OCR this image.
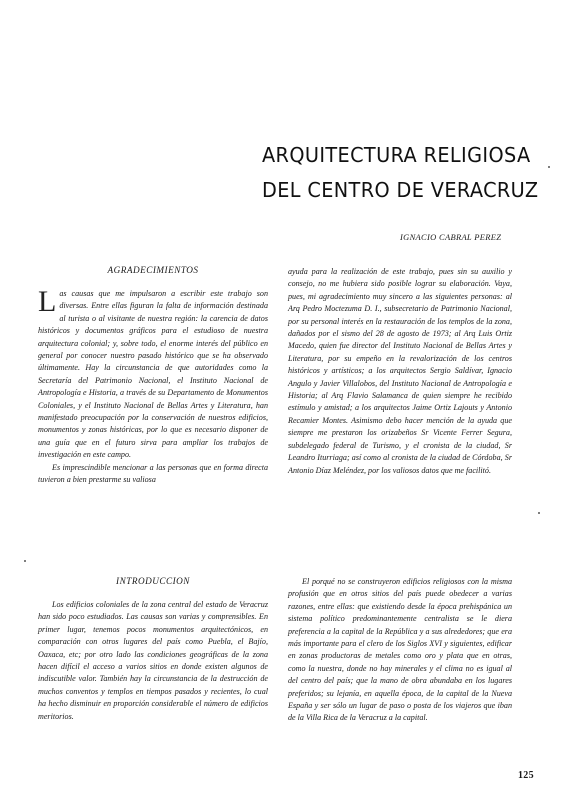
ARQUITECTURA RELIGIOSA
DEL CENTRO DE VERACRUZ
IGNACIO CABRAL PEREZ
AGRADECIMIENTOS

Las causas que me impulsaron a escribir este trabajo son diversas. Entre ellas figuran la falta de información destinada al turista o al visitante de nuestra región: la carencia de datos históricos y documentos gráficos para el estudioso de nuestra arquitectura colonial; y, sobre todo, el enorme interés del público en general por conocer nuestro pasado histórico que se ha observado últimamente. Hay la circunstancia de que autoridades como la Secretaría del Patrimonio Nacional, el Instituto Nacional de Antropología e Historia, a través de su Departamento de Monumentos Coloniales, y el Instituto Nacional de Bellas Artes y Literatura, han manifestado preocupación por la conservación de nuestros edificios, monumentos y zonas históricas, por lo que es necesario disponer de una guía que en el futuro sirva para ampliar los trabajos de investigación en este campo.

Es imprescindible mencionar a las personas que en forma directa tuvieron a bien prestarme su valiosa

ayuda para la realización de este trabajo, pues sin su auxilio y consejo, no me hubiera sido posible lograr su elaboración. Vaya, pues, mi agradecimiento muy sincero a las siguientes personas: al Arq Pedro Moctezuma D. I., subsecretario de Patrimonio Nacional, por su personal interés en la restauración de los templos de la zona, dañados por el sismo del 28 de agosto de 1973; al Arq Luis Ortiz Macedo, quien fue director del Instituto Nacional de Bellas Artes y Literatura, por su empeño en la revalorización de los centros históricos y artísticos; a los arquitectos Sergio Saldívar, Ignacio Angulo y Javier Villalobos, del Instituto Nacional de Antropología e Historia; al Arq Flavio Salamanca de quien siempre he recibido estímulo y amistad; a los arquitectos Jaime Ortiz Lajouts y Antonio Recamier Montes. Asimismo debo hacer mención de la ayuda que siempre me prestaron los orizabeños Sr Vicente Ferrer Segura, subdelegado federal de Turismo, y el cronista de la ciudad, Sr Leandro Iturriaga; así como al cronista de la ciudad de Córdoba, Sr Antonio Díaz Meléndez, por los valiosos datos que me facilitó.

INTRODUCCION

Los edificios coloniales de la zona central del estado de Veracruz han sido poco estudiados. Las causas son varias y comprensibles. En primer lugar, tenemos pocos monumentos arquitectónicos, en comparación con otros lugares del país como Puebla, el Bajío, Oaxaca, etc; por otro lado las condiciones geográficas de la zona hacen difícil el acceso a varios sitios en donde existen algunos de indiscutible valor. También hay la circunstancia de la destrucción de muchos conventos y templos en tiempos pasados y recientes, lo cual ha hecho disminuir en proporción considerable el número de edificios meritorios.

El porqué no se construyeron edificios religiosos con la misma profusión que en otros sitios del país puede obedecer a varias razones, entre ellas: que existiendo desde la época prehispánica un sistema político predominantemente centralista se le diera preferencia a la capital de la República y a sus alrededores; que era más importante para el clero de los Siglos XVI y siguientes, edificar en zonas productoras de metales como oro y plata que en otras, como la nuestra, donde no hay minerales y el clima no es igual al del centro del país; que la mano de obra abundaba en los lugares preferidos; su lejanía, en aquella época, de la capital de la Nueva España y ser sólo un lugar de paso o posta de los viajeros que iban de la Villa Rica de la Veracruz a la capital.

125
